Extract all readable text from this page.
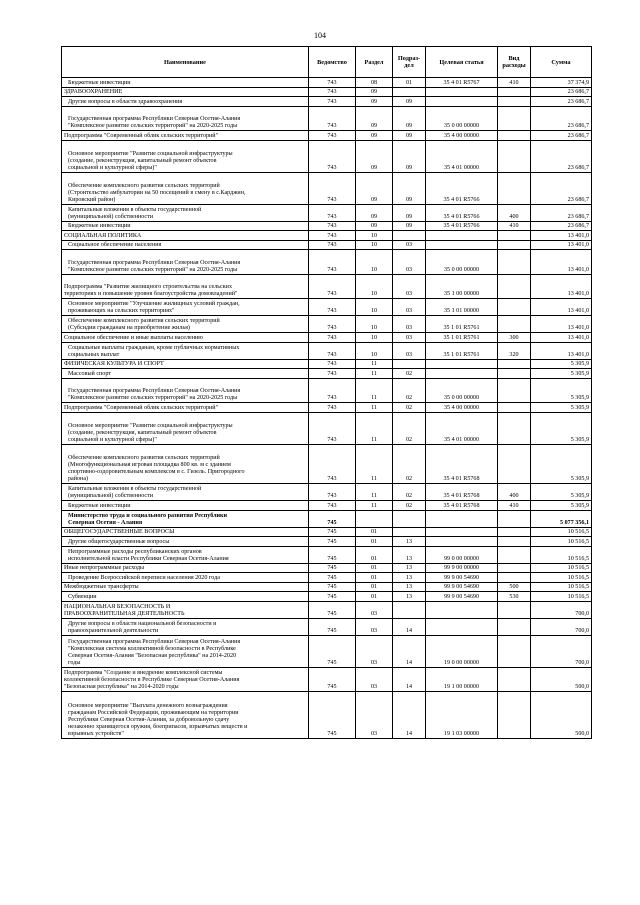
104
Наименование	Ведомство	Раздел	Подраз-
дел	Целевая статья	Вид расходы	Сумма
Бюджетные инвестиции	743	08	01	35 4 01 R5767	410	37 374,9
ЗДРАВООХРАНЕНИЕ	743	09				23 686,7
Другие вопросы в области здравоохранения	743	09	09			23 686,7
Государственная программа Республики Северная Осетия-Алания
"Комплексное развитие сельских территорий" на 2020-2025 годы	743	09	09	35 0 00 00000		23 686,7
Подпрограмма "Современный облик сельских территорий"	743	09	09	35 4 00 00000		23 686,7
Основное мероприятие "Развитие социальной инфраструктуры
(создание, реконструкция, капитальный ремонт объектов
социальной и культурной сферы)"	743	09	09	35 4 01 00000		23 686,7
Обеспечение комплексного развития сельских территорий
(Строительство амбулатории на 50 посещений в смену в с.Карджин,
Кировский район)	743	09	09	35 4 01 R5766		23 686,7
Капитальные вложения в объекты государственной
(муниципальной) собственности	743	09	09	35 4 01 R5766	400	23 686,7
Бюджетные инвестиции	743	09	09	35 4 01 R5766	410	23 686,7
СОЦИАЛЬНАЯ ПОЛИТИКА	743	10				13 401,0
Социальное обеспечение населения	743	10	03			13 401,0
Государственная программа Республики Северная Осетия-Алания
"Комплексное развитие сельских территорий" на 2020-2025 годы	743	10	03	35 0 00 00000		13 401,0
Подпрограмма "Развитие жилищного строительства на сельских
территориях и повышение уровня благоустройства домовладений"	743	10	03	35 1 00 00000		13 401,0
Основное мероприятие "Улучшение жилищных условий граждан,
проживающих на сельских территориях"	743	10	03	35 1 01 00000		13 401,0
Обеспечение комплексного развития сельских территорий
(Субсидии гражданам на приобретение жилья)	743	10	03	35 1 01 R5761		13 401,0
Социальное обеспечение и иные выплаты населению	743	10	03	35 1 01 R5761	300	13 401,0
Социальные выплаты гражданам, кроме публичных нормативных
социальных выплат	743	10	03	35 1 01 R5761	320	13 401,0
ФИЗИЧЕСКАЯ КУЛЬТУРА И СПОРТ	743	11				5 305,9
Массовый спорт	743	11	02			5 305,9
Государственная программа Республики Северная Осетия-Алания
"Комплексное развитие сельских территорий" на 2020-2025 годы	743	11	02	35 0 00 00000		5 305,9
Подпрограмма "Современный облик сельских территорий"	743	11	02	35 4 00 00000		5 305,9
Основное мероприятие "Развитие социальной инфраструктуры
(создание, реконструкция, капитальный ремонт объектов
социальной и культурной сферы)"	743	11	02	35 4 01 00000		5 305,9
Обеспечение комплексного развития сельских территорий
(Многофункциональная игровая площадка 800 кв. м с зданием
спортивно-оздоровительным комплексом в с. Гизель. Пригородного
района)	743	11	02	35 4 01 R5768		5 305,9
Капитальные вложения в объекты государственной
(муниципальной) собственности	743	11	02	35 4 01 R5768	400	5 305,9
Бюджетные инвестиции	743	11	02	35 4 01 R5768	410	5 305,9
Министерство труда и социального развития Республики
Северная Осетия - Алания	745					5 077 356,1
ОБЩЕГОСУДАРСТВЕННЫЕ ВОПРОСЫ	745	01				10 516,5
Другие общегосударственные вопросы	745	01	13			10 516,5
Непрограммные расходы республиканских органов
исполнительной власти Республики Северная Осетия-Алания	745	01	13	99 0 00 00000		10 516,5
Иные непрограммные расходы	745	01	13	99 9 00 00000		10 516,5
Проведение Всероссийской переписи населения 2020 года	745	01	13	99 9 00 54690		10 516,5
Межбюджетные трансферты	745	01	13	99 9 00 54690	500	10 516,5
Субвенции	745	01	13	99 9 00 54690	530	10 516,5
НАЦИОНАЛЬНАЯ БЕЗОПАСНОСТЬ И
ПРАВООХРАНИТЕЛЬНАЯ ДЕЯТЕЛЬНОСТЬ	745	03				700,0
Другие вопросы в области национальной безопасности и
правоохранительной деятельности	745	03	14			700,0
Государственная программа Республики Северная Осетия-Алания
"Комплексная система коллективной безопасности в Республике
Северная Осетия-Алания "Безопасная республика" на 2014-2020
годы	745	03	14	19 0 00 00000		700,0
Подпрограмма "Создание и внедрение комплексной системы
коллективной безопасности в Республике Северная Осетия-Алания
"Безопасная республика" на 2014-2020 годы	745	03	14	19 1 00 00000		500,0
Основное мероприятие "Выплата денежного вознаграждения
гражданам Российской Федерации, проживающим на территории
Республики Северная Осетия-Алания, за добровольную сдачу
незаконно хранящегося оружия, боеприпасов, взрывчатых веществ и
взрывных устройств"	745	03	14	19 1 03 00000		500,0
